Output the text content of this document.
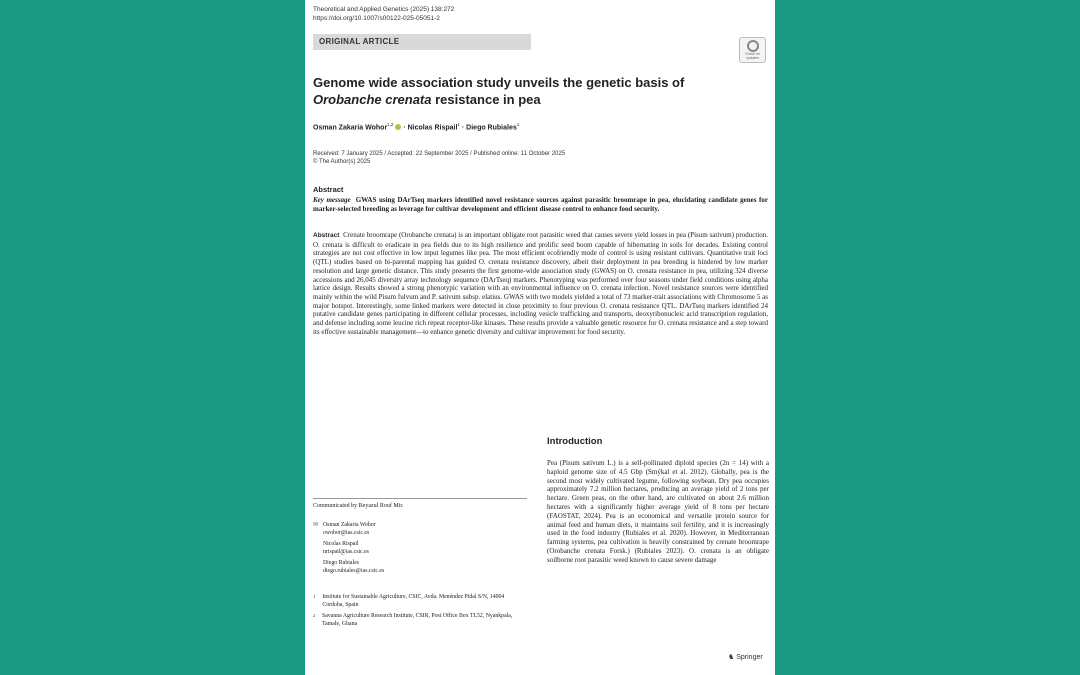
Theoretical and Applied Genetics (2025) 138:272
https://doi.org/10.1007/s00122-025-05051-2
ORIGINAL ARTICLE
Check for
updates
Genome wide association study unveils the genetic basis of Orobanche crenata resistance in pea
Osman Zakaria Wohor$^{1,2}$  · Nicolas Rispail$^1$ · Diego Rubiales$^1$
Received: 7 January 2025 / Accepted: 22 September 2025 / Published online: 11 October 2025
© The Author(s) 2025
Abstract
Key message GWAS using DArTseq markers identified novel resistance sources against parasitic broomrape in pea, elucidating candidate genes for marker-selected breeding as leverage for cultivar development and efficient disease control to enhance food security.
Abstract Crenate broomrape (Orobanche crenata) is an important obligate root parasitic weed that causes severe yield losses in pea (Pisum sativum) production. O. crenata is difficult to eradicate in pea fields due to its high resilience and prolific seed boom capable of hibernating in soils for decades. Existing control strategies are not cost effective in low input legumes like pea. The most efficient ecofriendly mode of control is using resistant cultivars. Quantitative trait loci (QTL) studies based on bi-parental mapping has guided O. crenata resistance discovery, albeit their deployment in pea breeding is hindered by low marker resolution and large genetic distance. This study presents the first genome-wide association study (GWAS) on O. crenata resistance in pea, utilizing 324 diverse accessions and 26,045 diversity array technology sequence (DArTseq) markers. Phenotyping was performed over four seasons under field conditions using alpha lattice design. Results showed a strong phenotypic variation with an environmental influence on O. crenata infection. Novel resistance sources were identified mainly within the wild Pisum fulvum and P. sativum subsp. elatius. GWAS with two models yielded a total of 73 marker-trait associations with Chromosome 5 as major hotspot. Interestingly, some linked markers were detected in close proximity to four previous O. crenata resistance QTL. DArTseq markers identified 24 putative candidate genes participating in different cellular processes, including vesicle trafficking and transports, deoxyribonucleic acid transcription regulation, and defense including some leucine rich repeat receptor-like kinases. These results provide a valuable genetic resource for O. crenata resistance and a step toward its effective sustainable management—to enhance genetic diversity and cultivar improvement for food security.
Communicated by Reyazul Rouf Mir.
✉ Osman Zakaria Wohor
owohor@ias.csic.es
Nicolas Rispail
nrispail@ias.csic.es
Diego Rubiales
diego.rubiales@ias.csic.es
1	Institute for Sustainable Agriculture, CSIC, Avda. Menéndez Pidal S/N, 14004 Cordoba, Spain
2	Savanna Agriculture Research Institute, CSIR, Post Office Box TL52, Nyankpala, Tamale, Ghana
Introduction
Pea (Pisum sativum L.) is a self-pollinated diploid species (2n = 14) with a haploid genome size of 4.5 Gbp (Smýkal et al. 2012). Globally, pea is the second most widely cultivated legume, following soybean. Dry pea occupies approximately 7.2 million hectares, producing an average yield of 2 tons per hectare. Green peas, on the other hand, are cultivated on about 2.6 million hectares with a significantly higher average yield of 8 tons per hectare (FAOSTAT, 2024). Pea is an economical and versatile protein source for animal feed and human diets, it maintains soil fertility, and it is increasingly used in the food industry (Rubiales et al. 2020). However, in Mediterranean farming systems, pea cultivation is heavily constrained by crenate broomrape (Orobanche crenata Forsk.) (Rubiales 2023). O. crenata is an obligate soilborne root parasitic weed known to cause severe damage
♞ Springer
